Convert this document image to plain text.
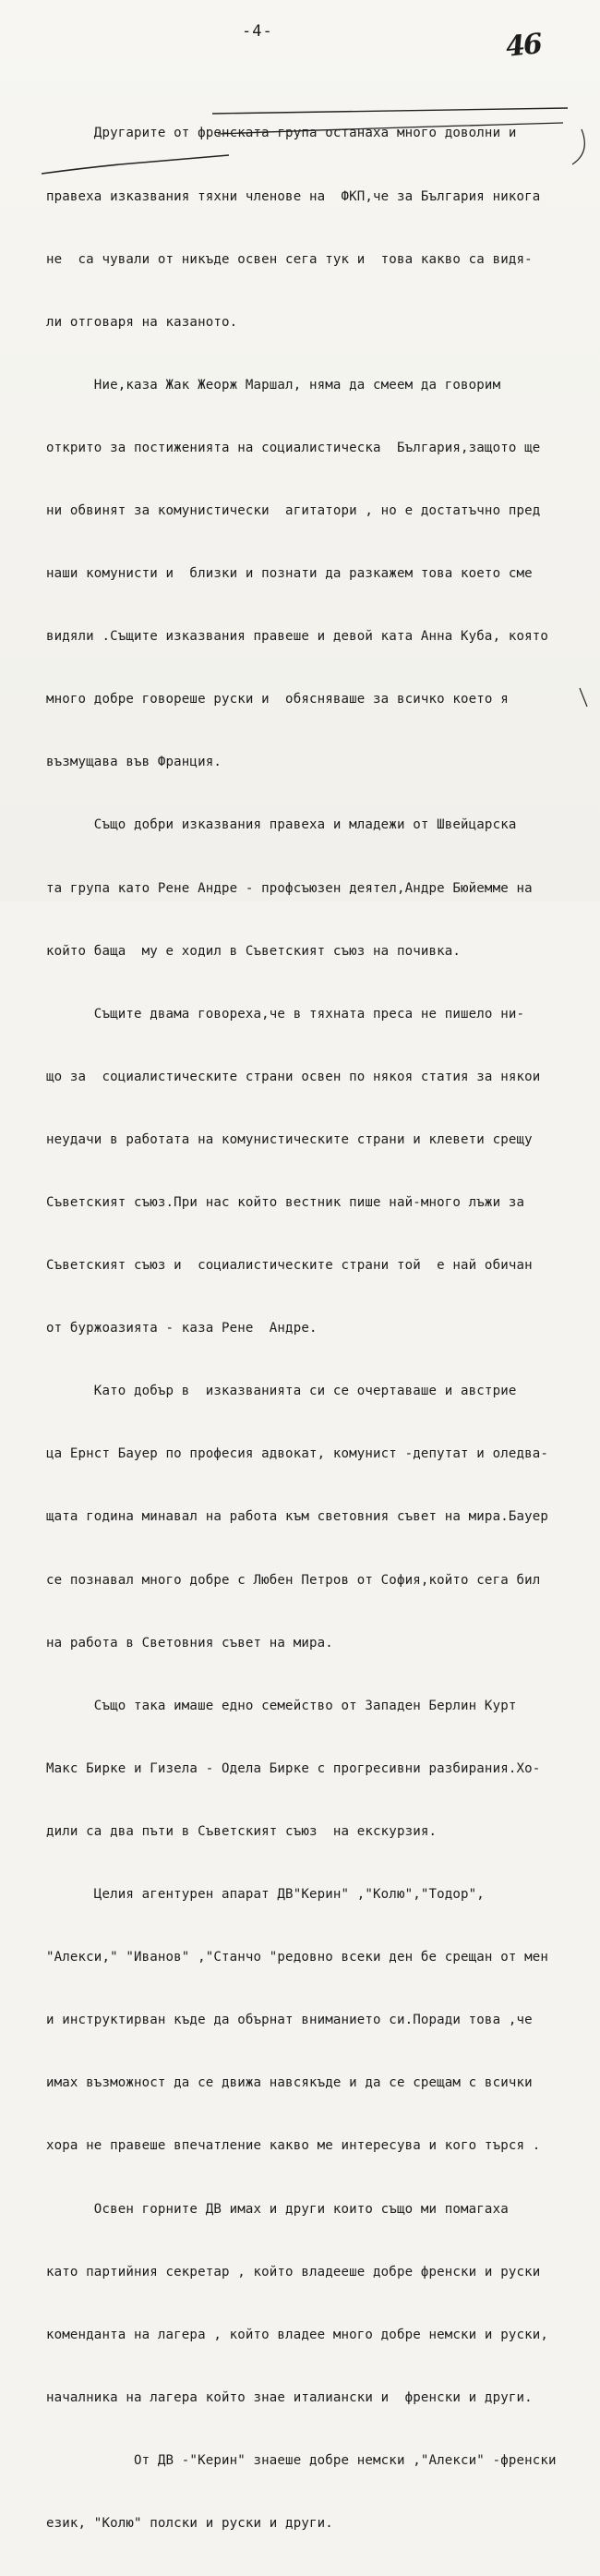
-4-	46

Другарите от френската група останаха много доволни и

правеха изказвания тяхни членове на  ФКП,че за България никога

не  са чували от никъде освен сега тук и  това какво са видя-

ли отговаря на казаното.

Ние,каза Жак Жеорж Маршал, няма да смеем да говорим

открито за постиженията на социалистическа  България,защото ще

ни обвинят за комунистически  агитатори , но е достатъчно пред

наши комунисти и  близки и познати да разкажем това което сме

видяли .Същите изказвания правеше и девой ката Анна Куба, която

много добре говореше руски и  обясняваше за всичко което я

възмущава във Франция.

Също добри изказвания правеха и младежи от Швейцарска

та група като Рене Андре - профсъюзен деятел,Андре Бюйемме на

който баща  му е ходил в Съветският съюз на почивка.

Същите двама говореха,че в тяхната преса не пишело ни-

що за  социалистическите страни освен по някоя статия за някои

неудачи в работата на комунистическите страни и клевети срещу

Съветският съюз.При нас който вестник пише най-много лъжи за

Съветският съюз и  социалистическите страни той  е най обичан

от буржоазията - каза Рене  Андре.

Като добър в  изказванията си се очертаваше и австрие

ца Ернст Бауер по професия адвокат, комунист -депутат и оледва-

щата година минавал на работа към световния съвет на мира.Бауер

се познавал много добре с Любен Петров от София,който сега бил

на работа в Световния съвет на мира.

Също така имаше едно семейство от Западен Берлин Курт

Макс Бирке и Гизела - Оделa Бирке с прогресивни разбирания.Хо-

дили са два пъти в Съветският съюз  на екскурзия.

Целия агентурен апарат ДВ"Керин" ,"Колю","Тодор",

"Алекси," "Иванов" ,"Станчо "редовно всеки ден бе срещан от мен

и инструктирван къде да обърнат вниманието си.Поради това ,че

имах възможност да се движа навсякъде и да се срещам с всички

хора не правеше впечатление какво ме интересува и кого търся .

Освен горните ДВ имах и други които също ми помагаха

като партийния секретар , който владееше добре френски и руски

коменданта на лагера , който владее много добре немски и руски,

началника на лагера който знае италиански и  френски и други.

От ДВ -"Керин" знаеше добре немски ,"Алекси" -френски

език, "Колю" полски и руски и други.
